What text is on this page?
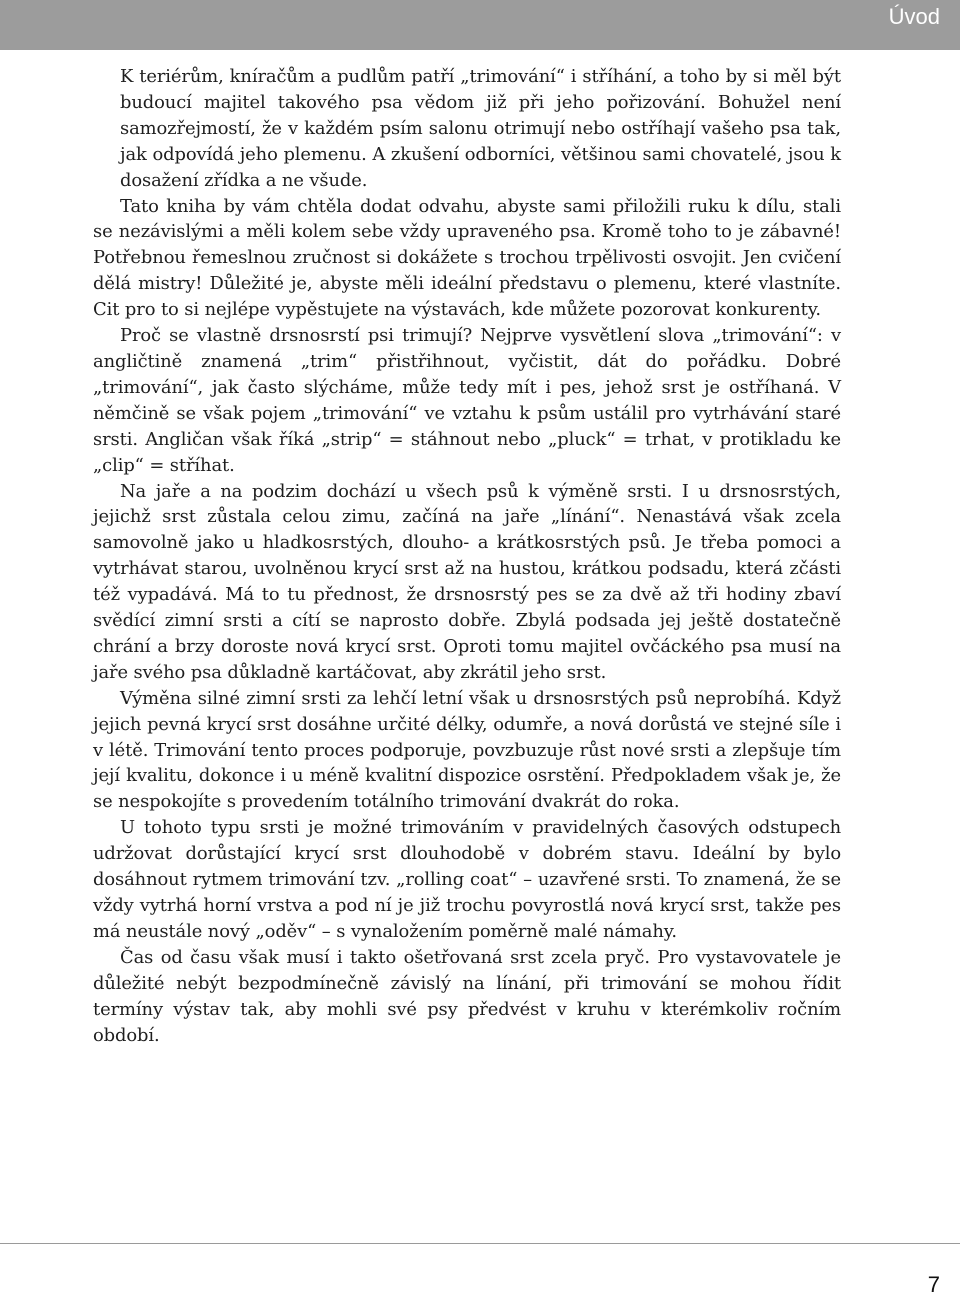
Úvod

K teriérům, kníračům a pudlům patří „trimování“ i stříhání, a toho by si měl být budoucí majitel takového psa vědom již při jeho pořizování. Bohužel není samozřejmostí, že v každém psím salonu otrimují nebo ostříhají vašeho psa tak, jak odpovídá jeho plemenu. A zkušení odborníci, většinou sami chovatelé, jsou k dosažení zřídka a ne všude.

Tato kniha by vám chtěla dodat odvahu, abyste sami přiložili ruku k dílu, stali se nezávislými a měli kolem sebe vždy upraveného psa. Kromě toho to je zábavné! Potřebnou řemeslnou zručnost si dokážete s trochou trpělivosti osvojit. Jen cvičení dělá mistry! Důležité je, abyste měli ideální představu o plemenu, které vlastníte. Cit pro to si nejlépe vypěstujete na výstavách, kde můžete pozorovat konkurenty.

Proč se vlastně drsnosrstí psi trimují? Nejprve vysvětlení slova „trimování“: v angličtině znamená „trim“ přistřihnout, vyčistit, dát do pořádku. Dobré „trimování“, jak často slýcháme, může tedy mít i pes, jehož srst je ostříhaná. V němčině se však pojem „trimování“ ve vztahu k psům ustálil pro vytrhávání staré srsti. Angličan však říká „strip“ = stáhnout nebo „pluck“ = trhat, v protikladu ke „clip“ = stříhat.

Na jaře a na podzim dochází u všech psů k výměně srsti. I u drsnosrstých, jejichž srst zůstala celou zimu, začíná na jaře „línání“. Nenastává však zcela samovolně jako u hladkosrstých, dlouho- a krátkosrstých psů. Je třeba pomoci a vytrhávat starou, uvolněnou krycí srst až na hustou, krátkou podsadu, která zčásti též vypadává. Má to tu přednost, že drsnosrstý pes se za dvě až tři hodiny zbaví svědící zimní srsti a cítí se naprosto dobře. Zbylá podsada jej ještě dostatečně chrání a brzy doroste nová krycí srst. Oproti tomu majitel ovčáckého psa musí na jaře svého psa důkladně kartáčovat, aby zkrátil jeho srst.

Výměna silné zimní srsti za lehčí letní však u drsnosrstých psů neprobíhá. Když jejich pevná krycí srst dosáhne určité délky, odumře, a nová dorůstá ve stejné síle i v létě. Trimování tento proces podporuje, povzbuzuje růst nové srsti a zlepšuje tím její kvalitu, dokonce i u méně kvalitní dispozice osrstění. Předpokladem však je, že se nespokojíte s provedením totálního trimování dvakrát do roka.

U tohoto typu srsti je možné trimováním v pravidelných časových odstupech udržovat dorůstající krycí srst dlouhodobě v dobrém stavu. Ideální by bylo dosáhnout rytmem trimování tzv. „rolling coat“ – uzavřené srsti. To znamená, že se vždy vytrhá horní vrstva a pod ní je již trochu povyrostlá nová krycí srst, takže pes má neustále nový „oděv“ – s vynaložením poměrně malé námahy.

Čas od času však musí i takto ošetřovaná srst zcela pryč. Pro vystavovatele je důležité nebýt bezpodmínečně závislý na línání, při trimování se mohou řídit termíny výstav tak, aby mohli své psy předvést v kruhu v kterémkoliv ročním období.

7
